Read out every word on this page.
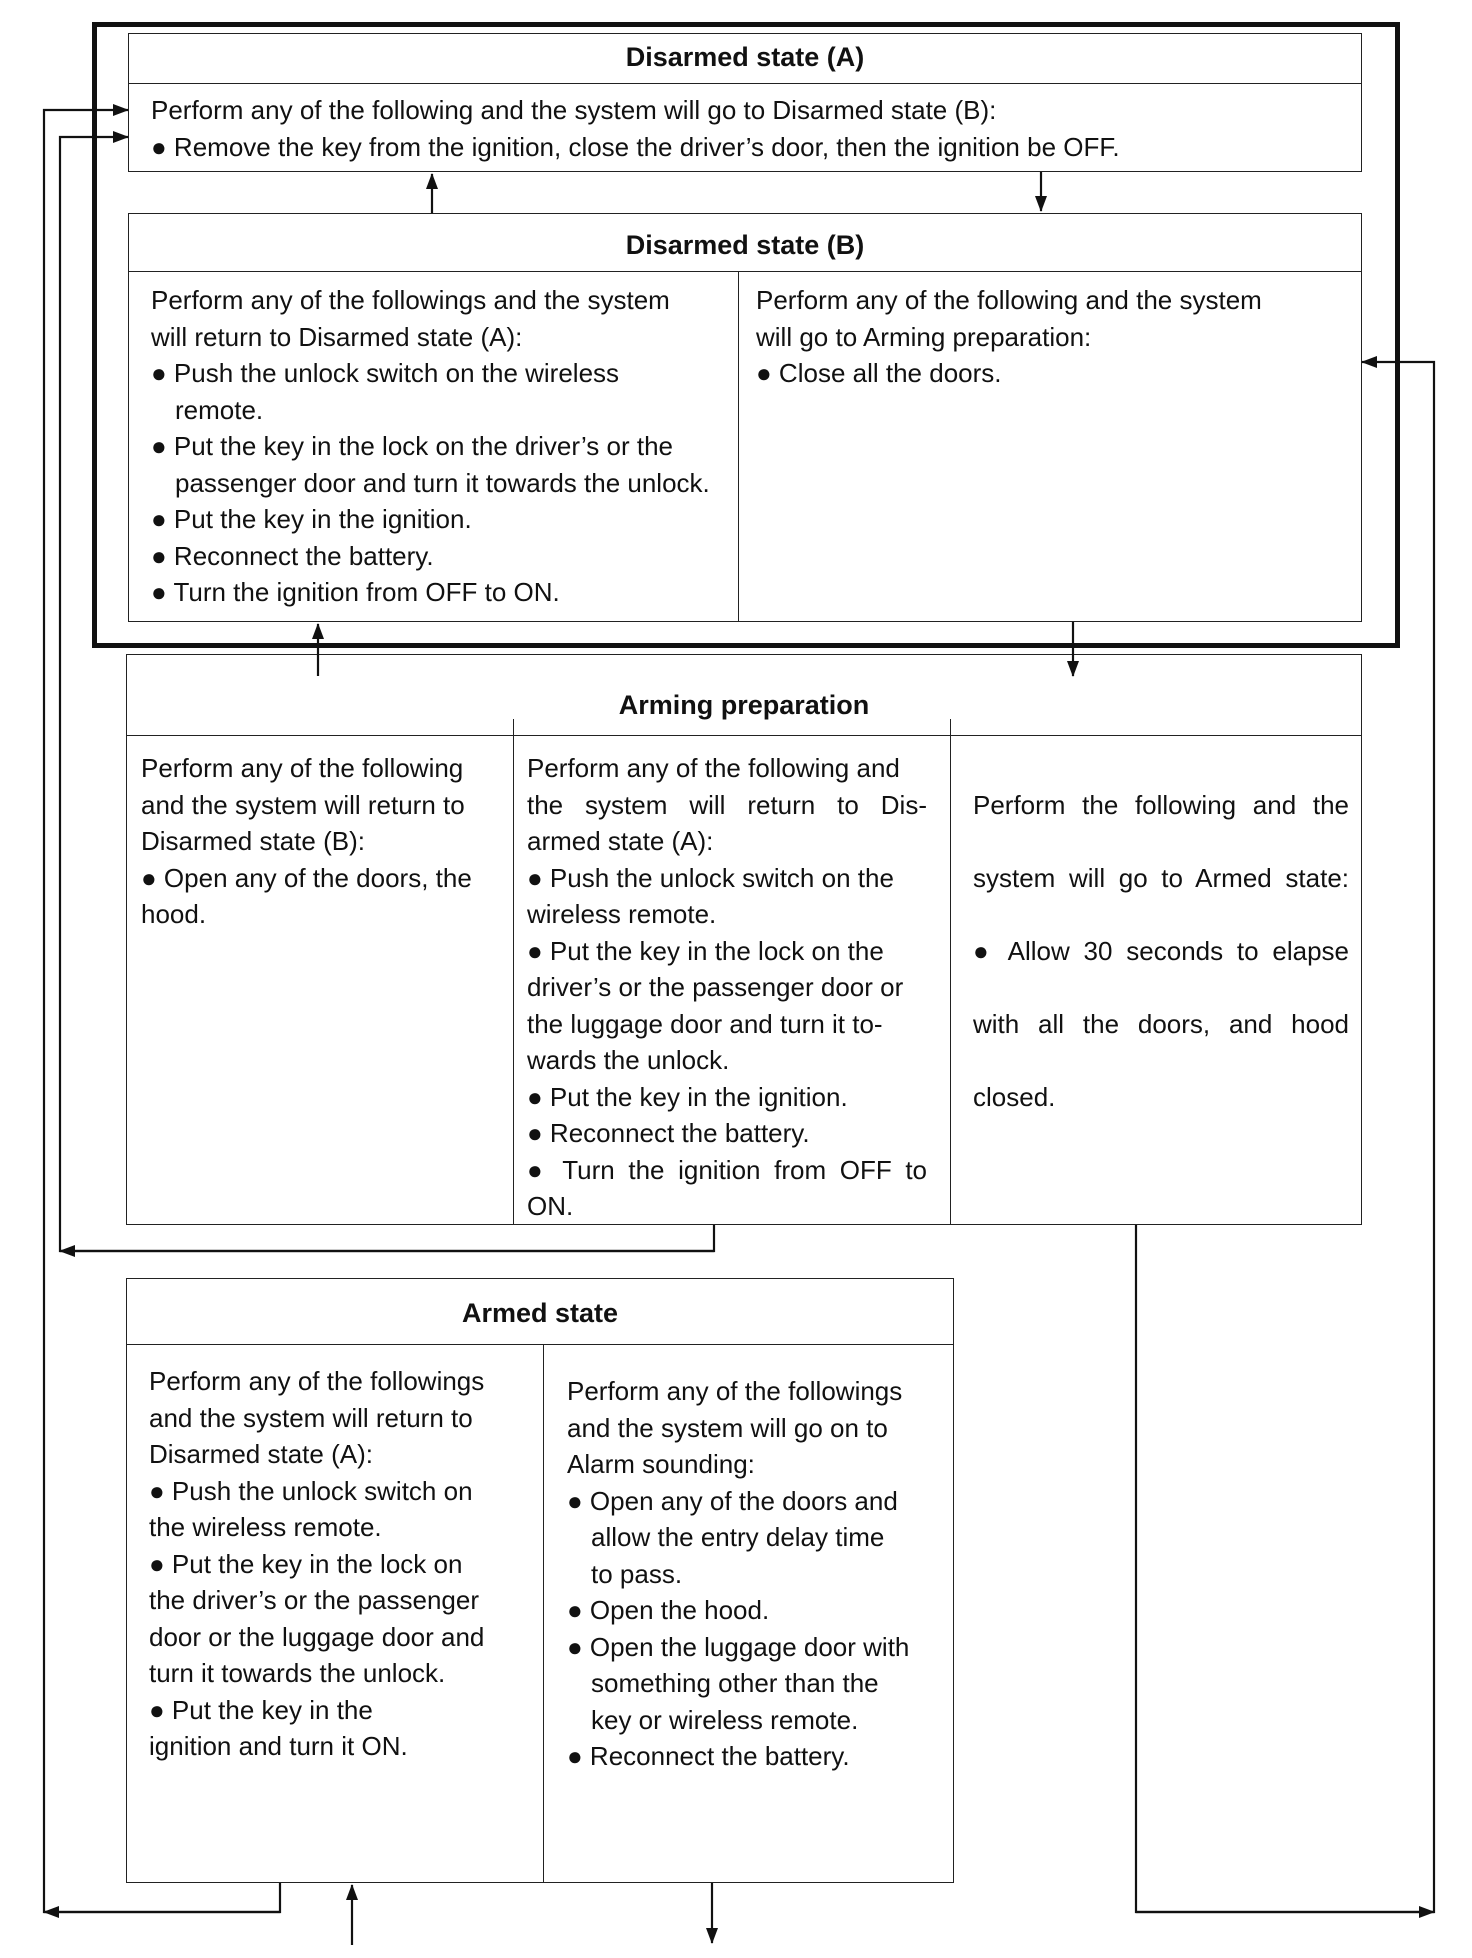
Disarmed state (A)
Perform any of the following and the system will go to Disarmed state (B):
● Remove the key from the ignition, close the driver’s door, then the ignition be OFF.
Disarmed state (B)
Perform any of the followings and the system
will return to Disarmed state (A):
● Push the unlock switch on the wireless
remote.
● Put the key in the lock on the driver’s or the
passenger door and turn it towards the unlock.
● Put the key in the ignition.
● Reconnect the battery.
● Turn the ignition from OFF to ON.
Perform any of the following and the system
will go to Arming preparation:
● Close all the doors.
Arming preparation
Perform any of the following
and the system will return to
Disarmed state (B):
● Open any of the doors, the
hood.
Perform any of the following and
the system will return to Dis-
armed state (A):
● Push the unlock switch on the
wireless remote.
● Put the key in the lock on the
driver’s or the passenger door or
the luggage door and turn it to-
wards the unlock.
● Put the key in the ignition.
● Reconnect the battery.
● Turn the ignition from OFF to
ON.

Perform the following and the

system will go to Armed state:

● Allow 30 seconds to elapse

with all the doors, and hood

closed.

Armed state
Perform any of the followings
and the system will return to
Disarmed state (A):
● Push the unlock switch on
the wireless remote.
● Put the key in the lock on
the driver’s or the passenger
door or the luggage door and
turn it towards the unlock.
● Put the key in the
ignition and turn it ON.
Perform any of the followings
and the system will go on to
Alarm sounding:
● Open any of the doors and
allow the entry delay time
to pass.
● Open the hood.
● Open the luggage door with
something other than the
key or wireless remote.
● Reconnect the battery.
